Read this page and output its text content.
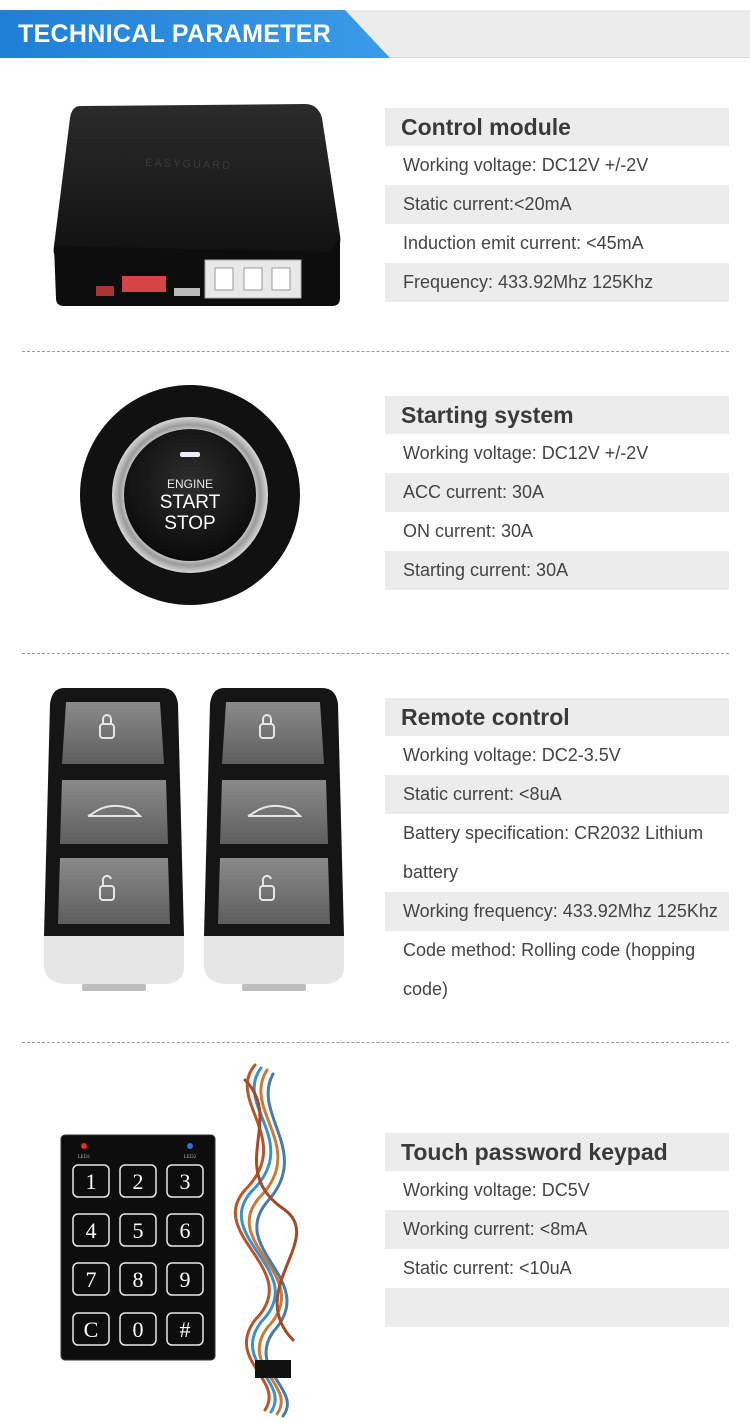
TECHNICAL PARAMETER
EASYGUARD
Control module
Working voltage: DC12V +/-2V
Static current:<20mA
Induction emit current: <45mA
Frequency: 433.92Mhz 125Khz
ENGINE
START
STOP
Starting system
Working voltage: DC12V +/-2V
ACC current: 30A
ON current: 30A
Starting current: 30A
Remote control
Working voltage: DC2-3.5V
Static current: <8uA
Battery specification: CR2032 Lithium battery
Working frequency: 433.92Mhz 125Khz
Code method: Rolling code (hopping code)
LED1	LED2
1 2 3
4 5 6
7 8 9
C 0 #
Touch password keypad
Working voltage: DC5V
Working current: <8mA
Static current: <10uA
